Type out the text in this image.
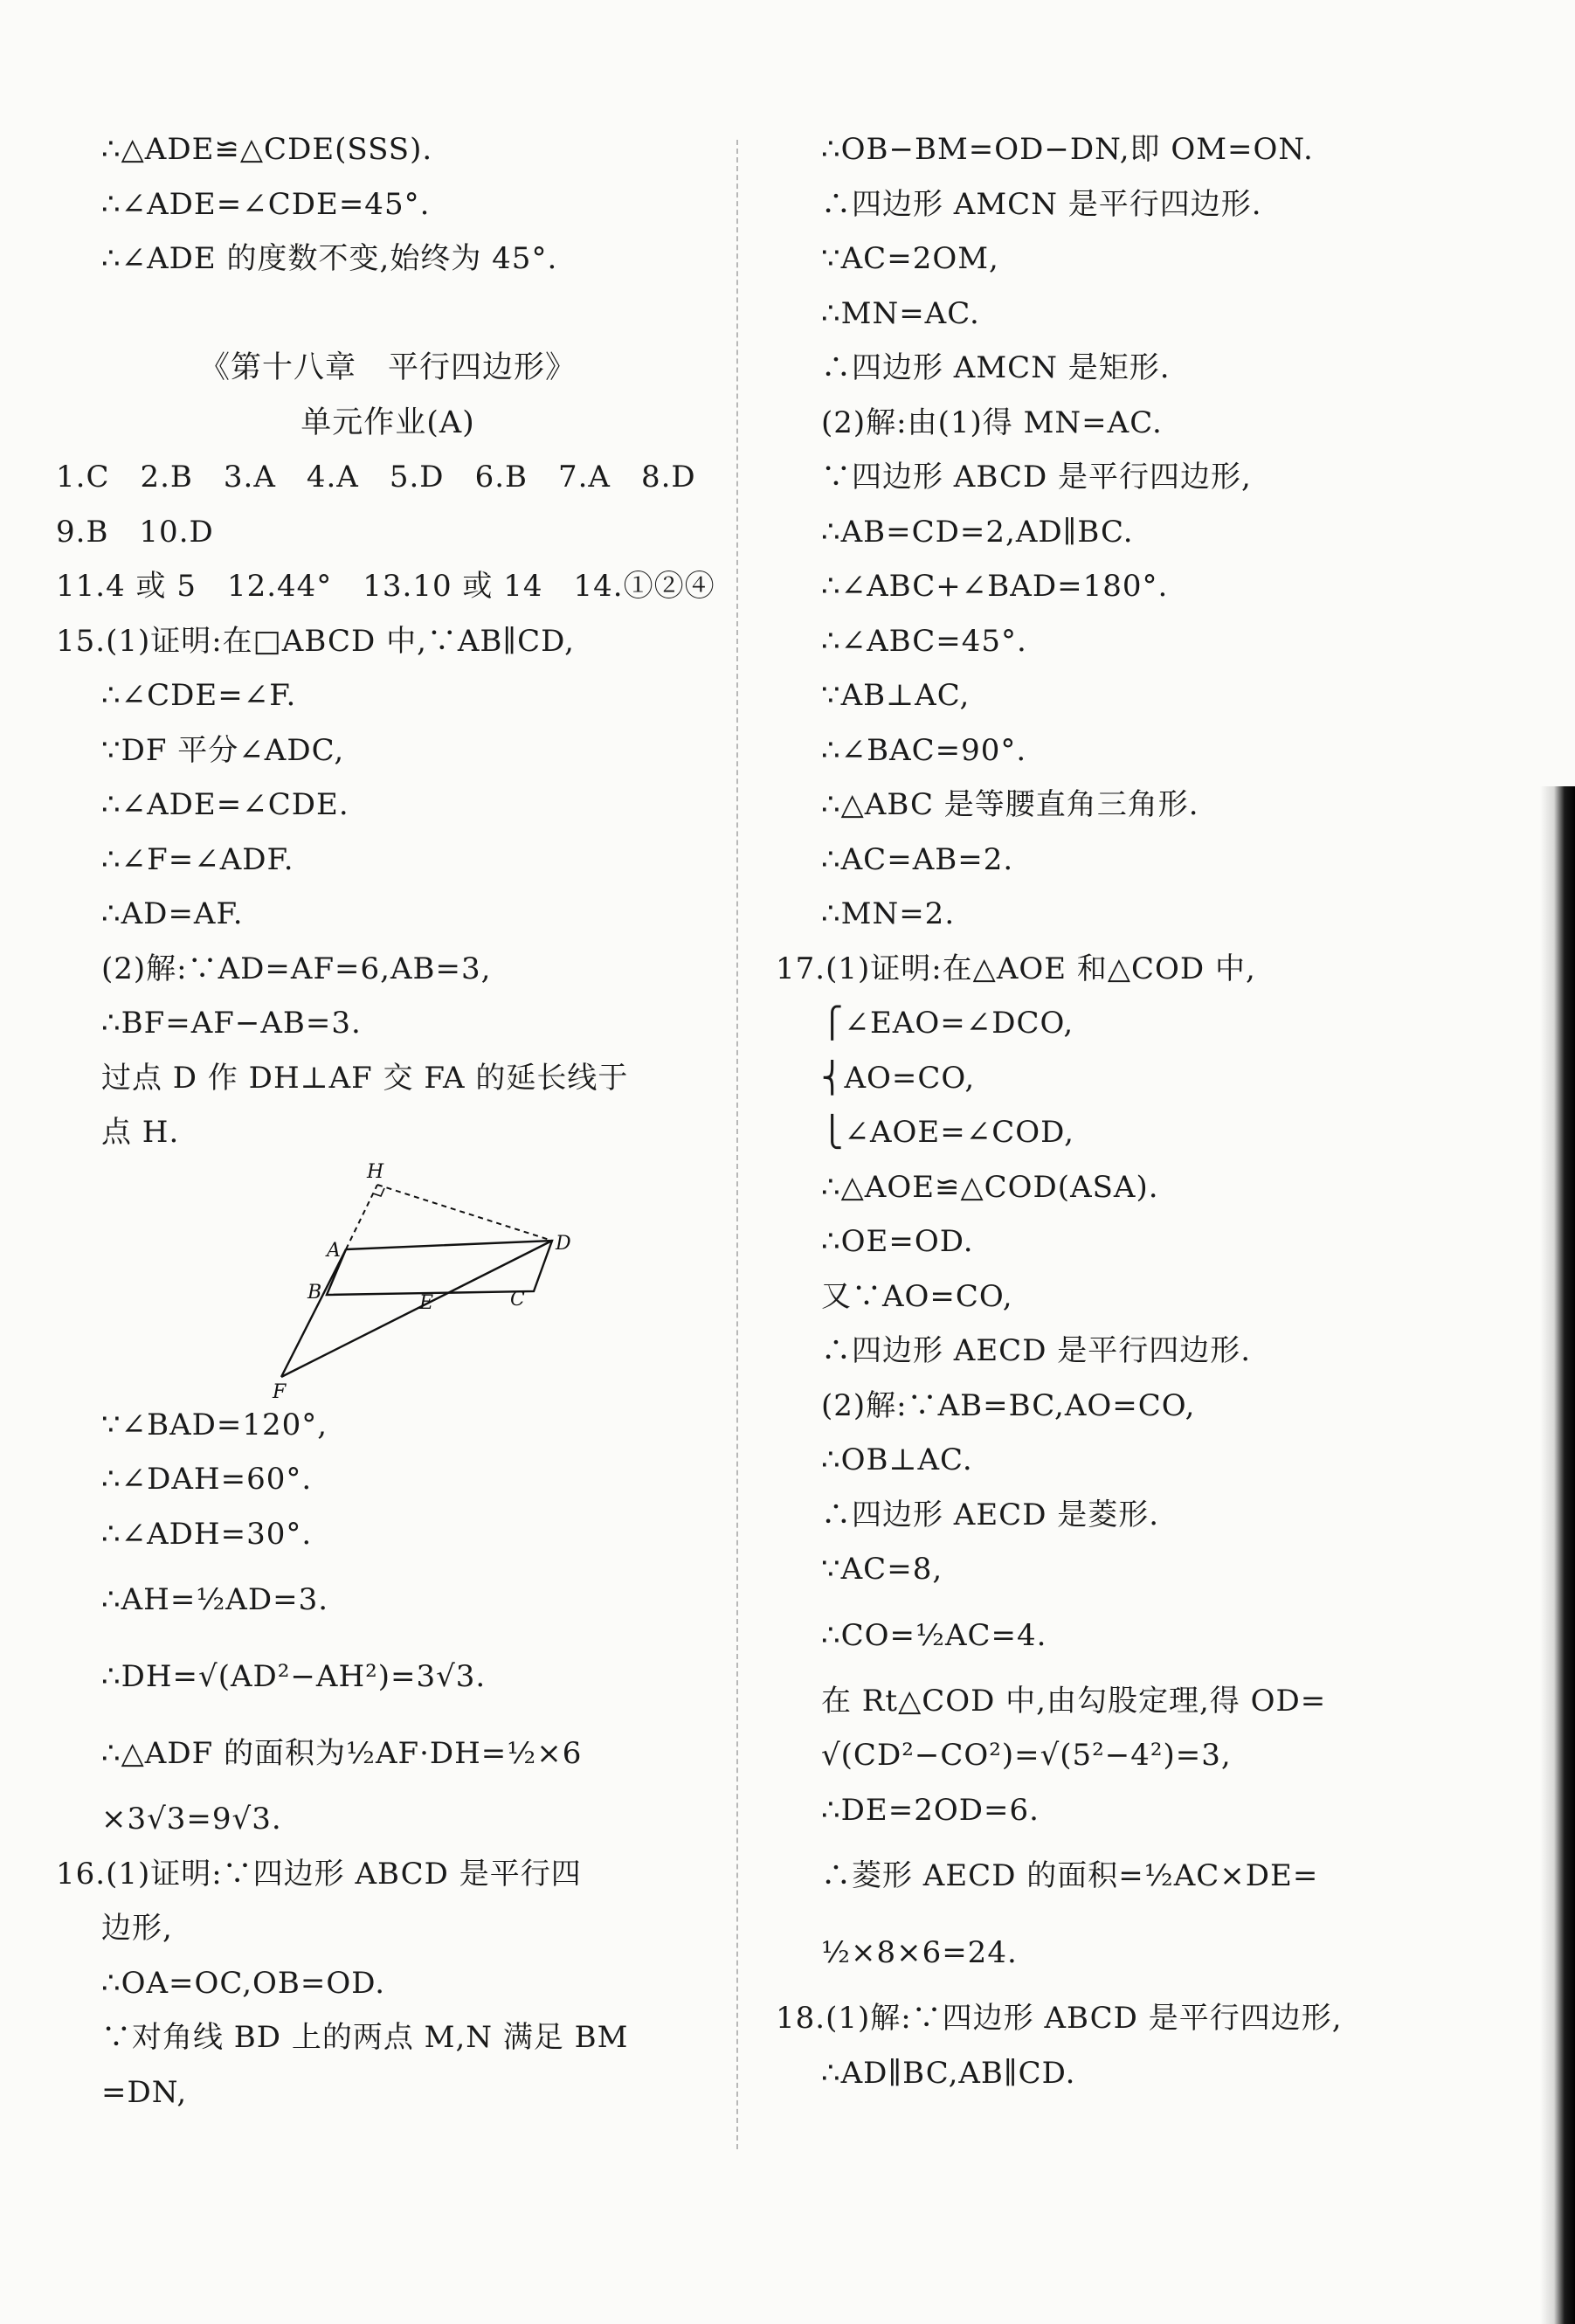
∴△ADE≌△CDE(SSS).
∴∠ADE=∠CDE=45°.
∴∠ADE 的度数不变,始终为 45°.
《第十八章　平行四边形》
单元作业(A)
1.C　2.B　3.A　4.A　5.D　6.B　7.A　8.D
9.B　10.D
11.4 或 5　12.44°　13.10 或 14　14.①②④
15.(1)证明:在□ABCD 中,∵AB∥CD,
∴∠CDE=∠F.
∵DF 平分∠ADC,
∴∠ADE=∠CDE.
∴∠F=∠ADF.
∴AD=AF.
(2)解:∵AD=AF=6,AB=3,
∴BF=AF−AB=3.
过点 D 作 DH⊥AF 交 FA 的延长线于
点 H.
H
A	D
B	E	C
F
∵∠BAD=120°,
∴∠DAH=60°.
∴∠ADH=30°.
∴AH=½AD=3.
∴DH=√(AD²−AH²)=3√3.
∴△ADF 的面积为½AF·DH=½×6
×3√3=9√3.
16.(1)证明:∵四边形 ABCD 是平行四
边形,
∴OA=OC,OB=OD.
∵对角线 BD 上的两点 M,N 满足 BM
=DN,
∴OB−BM=OD−DN,即 OM=ON.
∴四边形 AMCN 是平行四边形.
∵AC=2OM,
∴MN=AC.
∴四边形 AMCN 是矩形.
(2)解:由(1)得 MN=AC.
∵四边形 ABCD 是平行四边形,
∴AB=CD=2,AD∥BC.
∴∠ABC+∠BAD=180°.
∴∠ABC=45°.
∵AB⊥AC,
∴∠BAC=90°.
∴△ABC 是等腰直角三角形.
∴AC=AB=2.
∴MN=2.
17.(1)证明:在△AOE 和△COD 中,
⎧∠EAO=∠DCO,
⎨AO=CO,
⎩∠AOE=∠COD,
∴△AOE≌△COD(ASA).
∴OE=OD.
又∵AO=CO,
∴四边形 AECD 是平行四边形.
(2)解:∵AB=BC,AO=CO,
∴OB⊥AC.
∴四边形 AECD 是菱形.
∵AC=8,
∴CO=½AC=4.
在 Rt△COD 中,由勾股定理,得 OD=
√(CD²−CO²)=√(5²−4²)=3,
∴DE=2OD=6.
∴菱形 AECD 的面积=½AC×DE=
½×8×6=24.
18.(1)解:∵四边形 ABCD 是平行四边形,
∴AD∥BC,AB∥CD.
